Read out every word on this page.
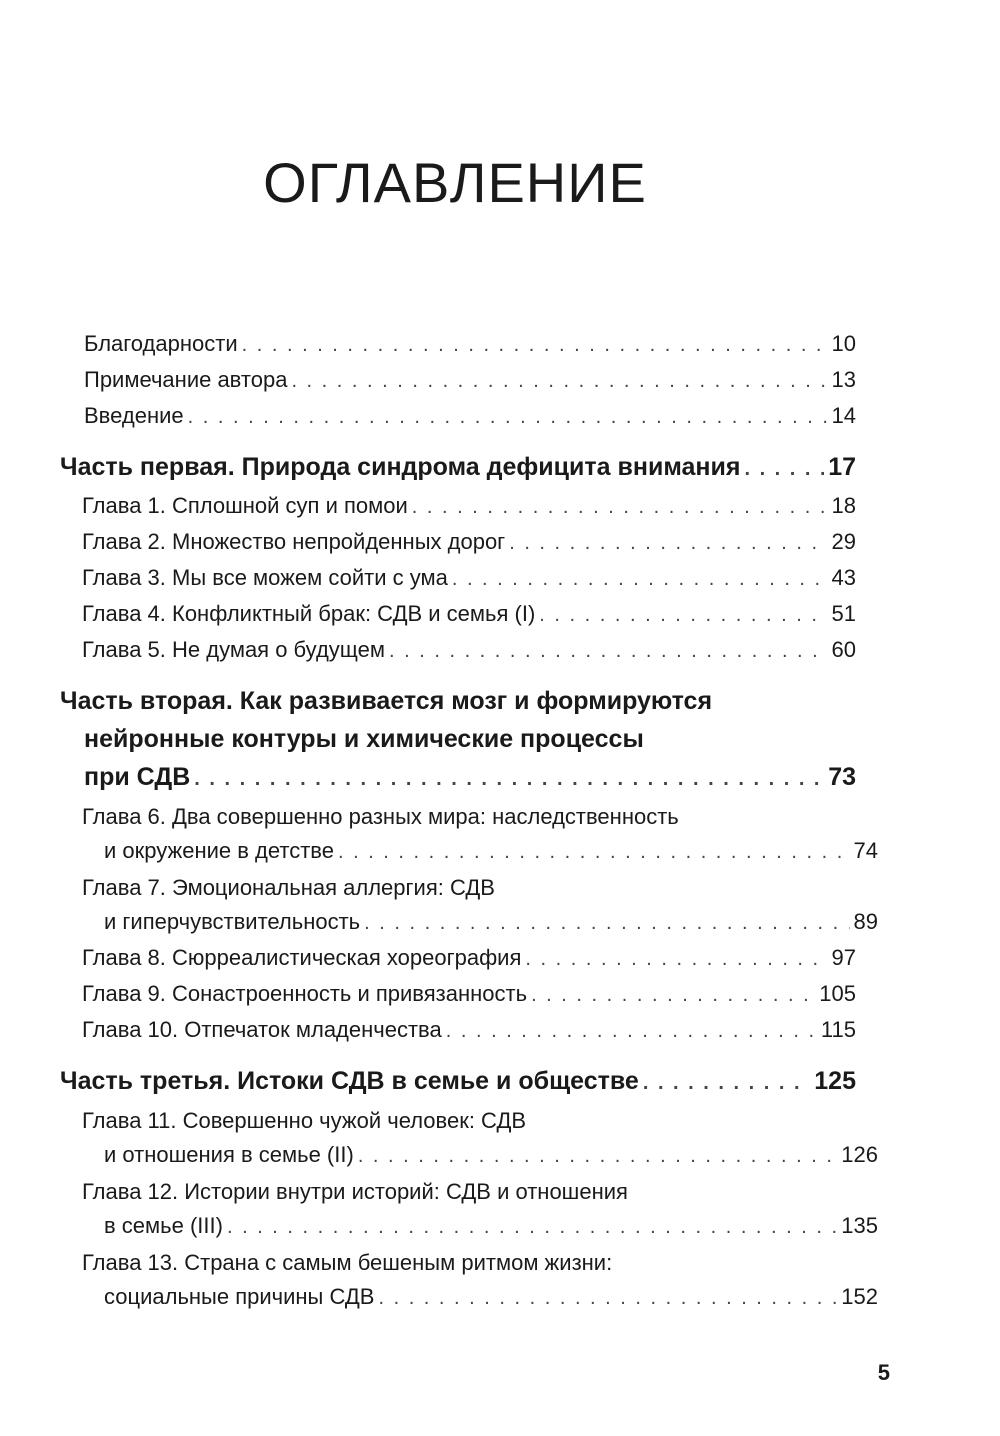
ОГЛАВЛЕНИЕ
Благодарности . . .	10
Примечание автора . . .	13
Введение . . .	14
Часть первая. Природа синдрома дефицита внимания . . .	17
Глава 1. Сплошной суп и помои . . .	18
Глава 2. Множество непройденных дорог . . .	29
Глава 3. Мы все можем сойти с ума . . .	43
Глава 4. Конфликтный брак: СДВ и семья (I) . . .	51
Глава 5. Не думая о будущем . . .	60
Часть вторая. Как развивается мозг и формируются
нейронные контуры и химические процессы
при СДВ . . .	73
Глава 6. Два совершенно разных мира: наследственность
и окружение в детстве . . .	74
Глава 7. Эмоциональная аллергия: СДВ
и гиперчувствительность . . .	89
Глава 8. Сюрреалистическая хореография . . .	97
Глава 9. Сонастроенность и привязанность . . .	105
Глава 10. Отпечаток младенчества . . .	115
Часть третья. Истоки СДВ в семье и обществе . . .	125
Глава 11. Совершенно чужой человек: СДВ
и отношения в семье (II) . . .	126
Глава 12. Истории внутри историй: СДВ и отношения
в семье (III) . . .	135
Глава 13. Страна с самым бешеным ритмом жизни:
социальные причины СДВ . . .	152
5
